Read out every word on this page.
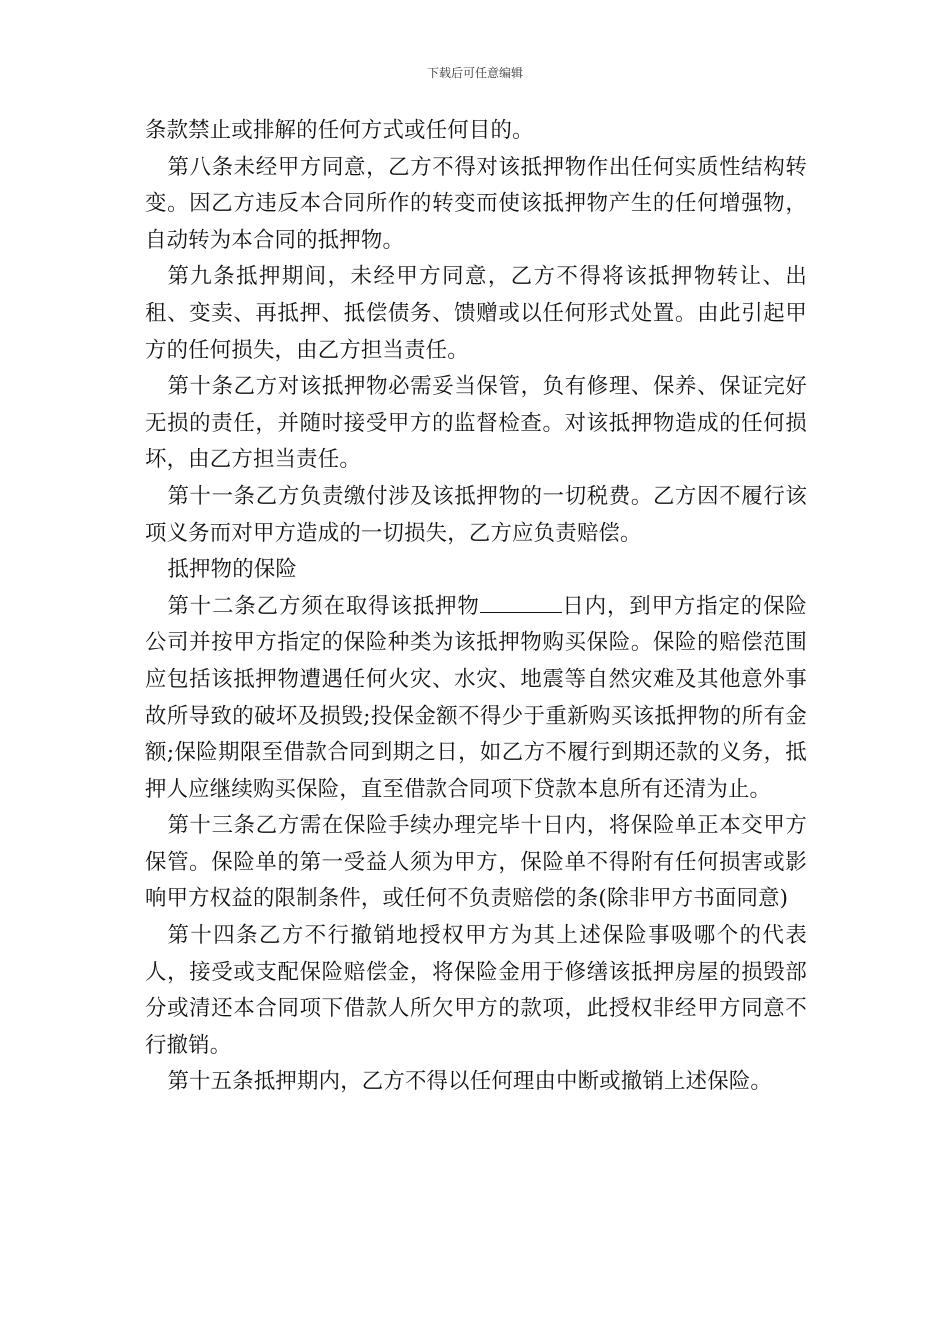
下载后可任意编辑

条款禁止或排解的任何方式或任何目的。

第八条未经甲方同意，乙方不得对该抵押物作出任何实质性结构转变。因乙方违反本合同所作的转变而使该抵押物产生的任何增强物，自动转为本合同的抵押物。

第九条抵押期间，未经甲方同意，乙方不得将该抵押物转让、出租、变卖、再抵押、抵偿债务、馈赠或以任何形式处置。由此引起甲方的任何损失，由乙方担当责任。

第十条乙方对该抵押物必需妥当保管，负有修理、保养、保证完好无损的责任，并随时接受甲方的监督检查。对该抵押物造成的任何损坏，由乙方担当责任。

第十一条乙方负责缴付涉及该抵押物的一切税费。乙方因不履行该项义务而对甲方造成的一切损失，乙方应负责赔偿。

抵押物的保险

第十二条乙方须在取得该抵押物	日内，到甲方指定的保险公司并按甲方指定的保险种类为该抵押物购买保险。保险的赔偿范围应包括该抵押物遭遇任何火灾、水灾、地震等自然灾难及其他意外事故所导致的破坏及损毁;投保金额不得少于重新购买该抵押物的所有金额;保险期限至借款合同到期之日，如乙方不履行到期还款的义务，抵押人应继续购买保险，直至借款合同项下贷款本息所有还清为止。

第十三条乙方需在保险手续办理完毕十日内，将保险单正本交甲方保管。保险单的第一受益人须为甲方，保险单不得附有任何损害或影响甲方权益的限制条件，或任何不负责赔偿的条(除非甲方书面同意)

第十四条乙方不行撤销地授权甲方为其上述保险事吸哪个的代表人，接受或支配保险赔偿金，将保险金用于修缮该抵押房屋的损毁部分或清还本合同项下借款人所欠甲方的款项，此授权非经甲方同意不行撤销。

第十五条抵押期内，乙方不得以任何理由中断或撤销上述保险。
